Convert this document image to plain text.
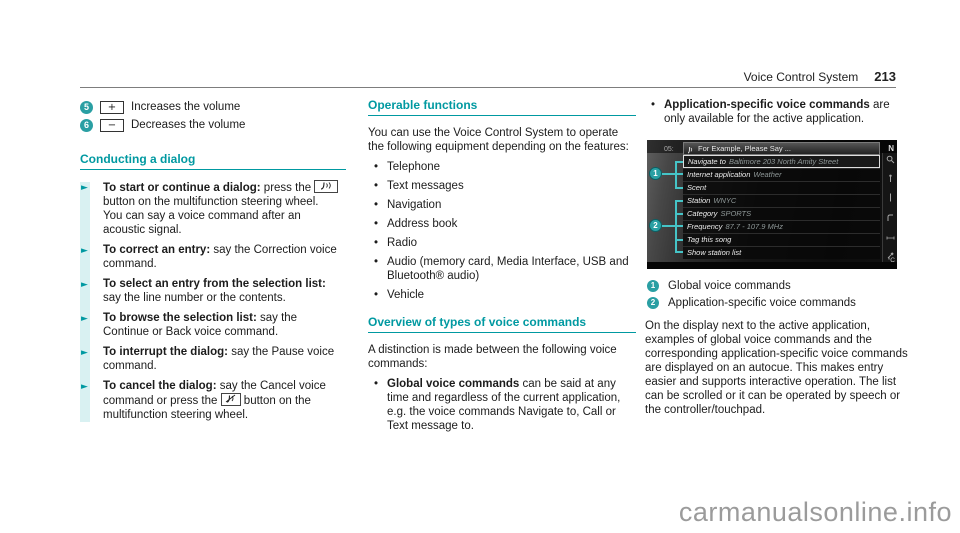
Voice Control System 213
5	+	Increases the volume
6	−	Decreases the volume
Conducting a dialog
► To start or continue a dialog: press the
button on the multifunction steering wheel.
You can say a voice command after an acoustic signal.
► To correct an entry: say the Correction voice command.
► To select an entry from the selection list: say the line number or the contents.
► To browse the selection list: say the Continue or Back voice command.
► To interrupt the dialog: say the Pause voice command.
► To cancel the dialog: say the Cancel voice command or press the
button on the multifunction steering wheel.
Operable functions

You can use the Voice Control System to operate the following equipment depending on the features:

• Telephone
• Text messages
• Navigation
• Address book
• Radio
• Audio (memory card, Media Interface, USB and Bluetooth® audio)
• Vehicle
Overview of types of voice commands

A distinction is made between the following voice commands:

• Global voice commands can be said at any time and regardless of the current application, e.g. the voice commands Navigate to, Call or Text message to.
• Application-specific voice commands are only available for the active application.
05:	N
For Example, Please Say ...
Navigate to Baltimore 203 North Amity Street
Internet application Weather
Scent
Station WNYC
Category SPORTS
Frequency 87.7 - 107.9 MHz
Tag this song
Show station list
°C
1
2
1	Global voice commands
2	Application-specific voice commands

On the display next to the active application, examples of global voice commands and the corresponding application-specific voice commands are displayed on an autocue. This makes entry easier and supports interactive operation. The list can be scrolled or it can be operated by speech or the controller/touchpad.

carmanualsonline.info
